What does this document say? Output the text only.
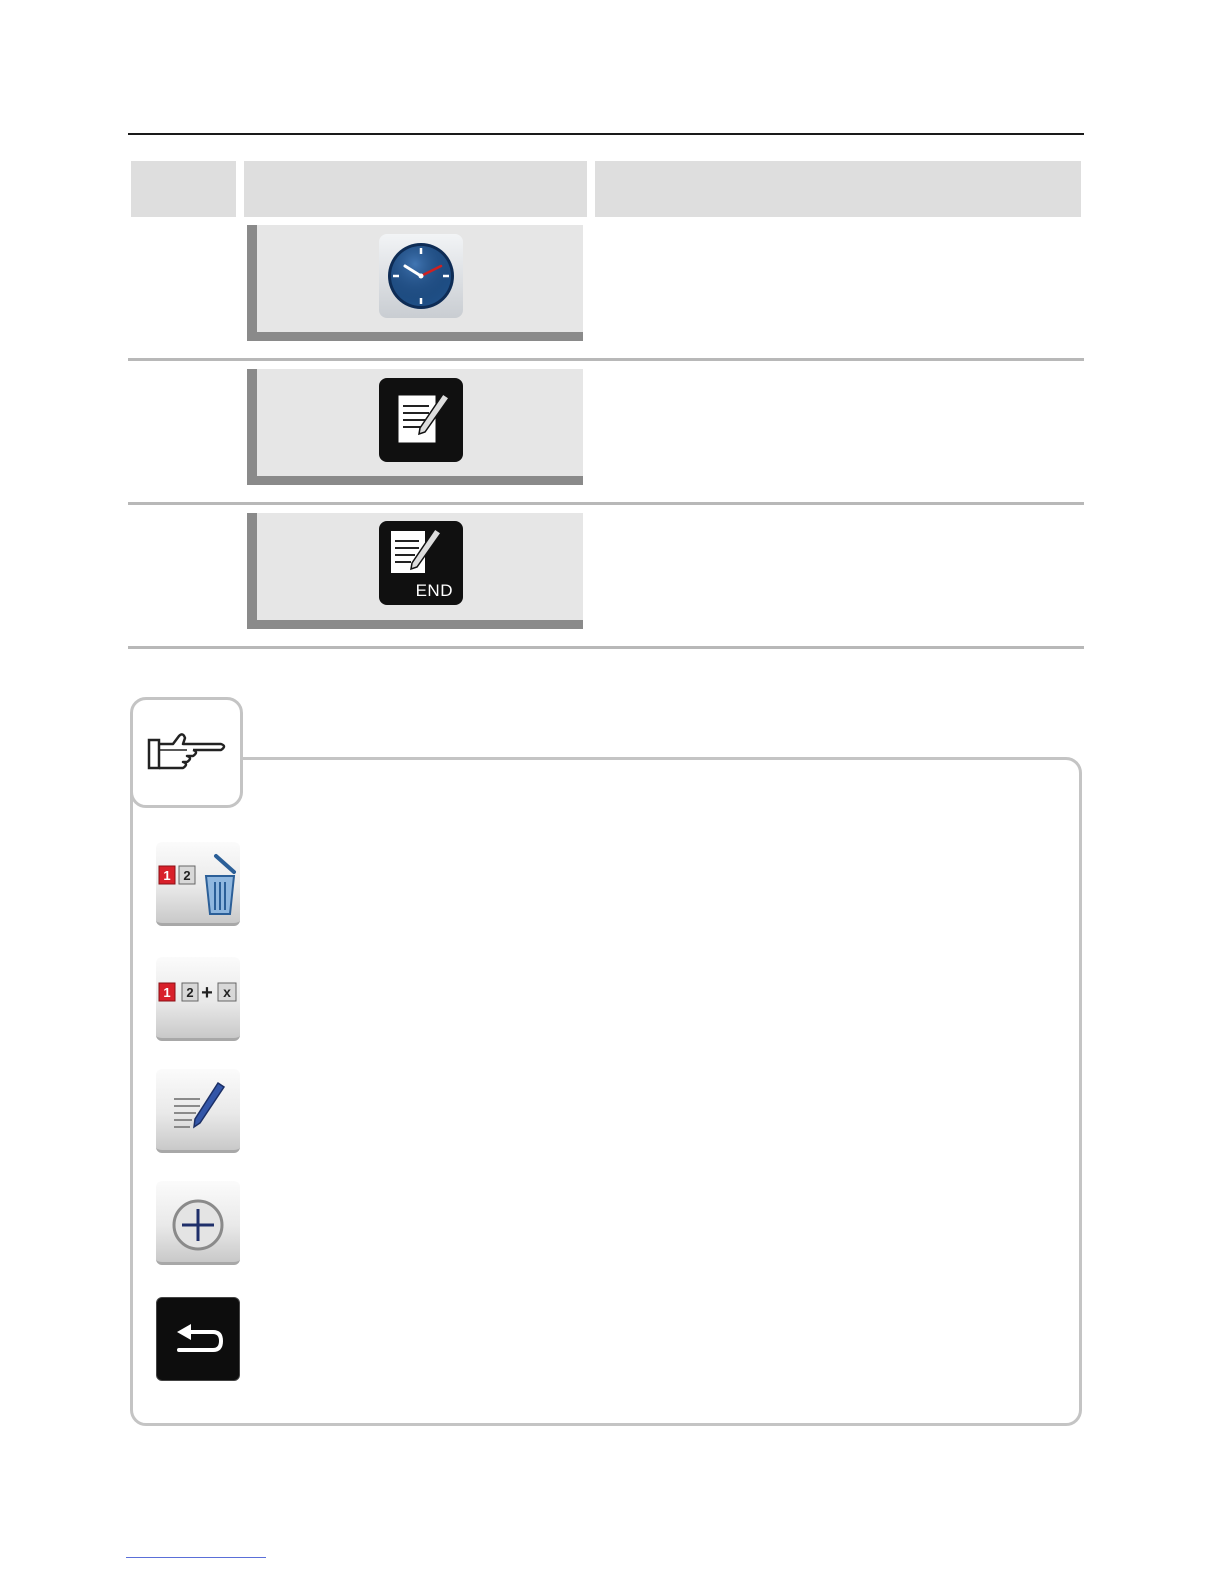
END
1 2
1 2 + x
